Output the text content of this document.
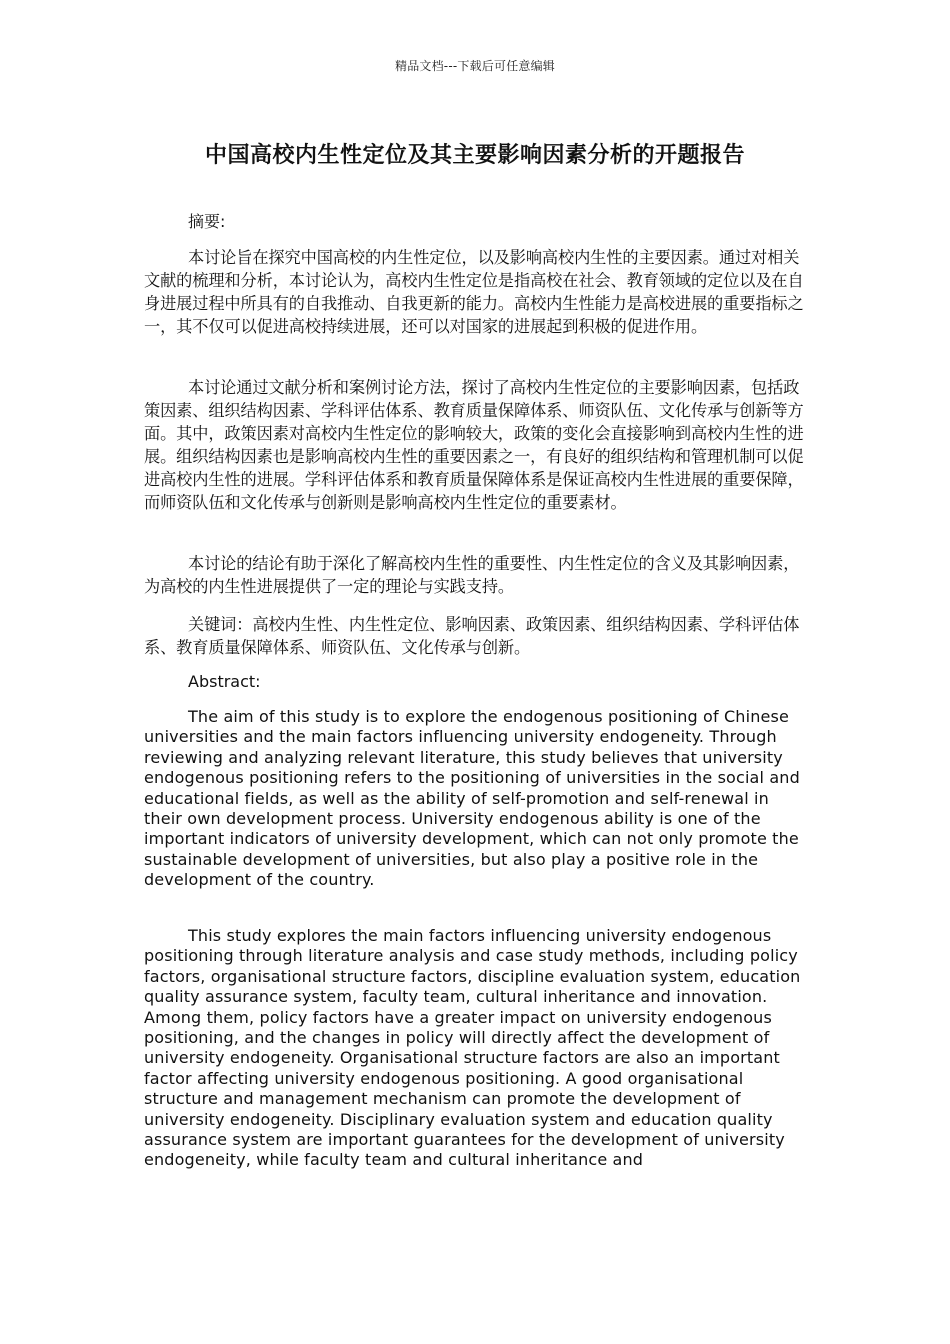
精品文档---下载后可任意编辑
中国高校内生性定位及其主要影响因素分析的开题报告
摘要:

本讨论旨在探究中国高校的内生性定位，以及影响高校内生性的主要因素。通过对相关文献的梳理和分析，本讨论认为，高校内生性定位是指高校在社会、教育领域的定位以及在自身进展过程中所具有的自我推动、自我更新的能力。高校内生性能力是高校进展的重要指标之一，其不仅可以促进高校持续进展，还可以对国家的进展起到积极的促进作用。

本讨论通过文献分析和案例讨论方法，探讨了高校内生性定位的主要影响因素，包括政策因素、组织结构因素、学科评估体系、教育质量保障体系、师资队伍、文化传承与创新等方面。其中，政策因素对高校内生性定位的影响较大，政策的变化会直接影响到高校内生性的进展。组织结构因素也是影响高校内生性的重要因素之一，有良好的组织结构和管理机制可以促进高校内生性的进展。学科评估体系和教育质量保障体系是保证高校内生性进展的重要保障，而师资队伍和文化传承与创新则是影响高校内生性定位的重要素材。

本讨论的结论有助于深化了解高校内生性的重要性、内生性定位的含义及其影响因素，为高校的内生性进展提供了一定的理论与实践支持。

关键词：高校内生性、内生性定位、影响因素、政策因素、组织结构因素、学科评估体系、教育质量保障体系、师资队伍、文化传承与创新。

Abstract:

The aim of this study is to explore the endogenous positioning of Chinese universities and the main factors influencing university endogeneity. Through reviewing and analyzing relevant literature, this study believes that university endogenous positioning refers to the positioning of universities in the social and educational fields, as well as the ability of self-promotion and self-renewal in their own development process. University endogenous ability is one of the important indicators of university development, which can not only promote the sustainable development of universities, but also play a positive role in the development of the country.

This study explores the main factors influencing university endogenous positioning through literature analysis and case study methods, including policy factors, organisational structure factors, discipline evaluation system, education quality assurance system, faculty team, cultural inheritance and innovation. Among them, policy factors have a greater impact on university endogenous positioning, and the changes in policy will directly affect the development of university endogeneity. Organisational structure factors are also an important factor affecting university endogenous positioning. A good organisational structure and management mechanism can promote the development of university endogeneity. Disciplinary evaluation system and education quality assurance system are important guarantees for the development of university endogeneity, while faculty team and cultural inheritance and
